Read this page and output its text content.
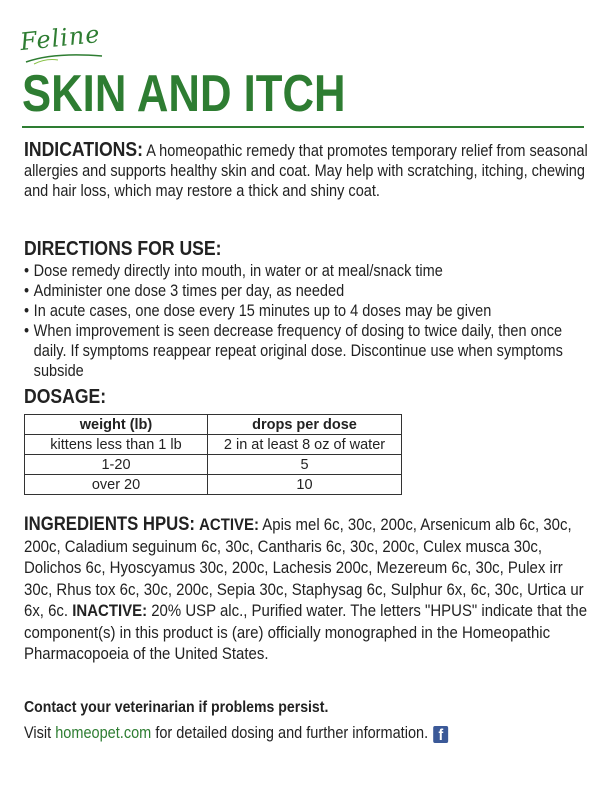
Feline
SKIN AND ITCH

INDICATIONS: A homeopathic remedy that promotes temporary relief from seasonal allergies and supports healthy skin and coat. May help with scratching, itching, chewing and hair loss, which may restore a thick and shiny coat.

DIRECTIONS FOR USE:
• Dose remedy directly into mouth, in water or at meal/snack time
• Administer one dose 3 times per day, as needed
• In acute cases, one dose every 15 minutes up to 4 doses may be given
• When improvement is seen decrease frequency of dosing to twice daily, then once daily. If symptoms reappear repeat original dose. Discontinue use when symptoms subside
DOSAGE:
weight (lb)	drops per dose
kittens less than 1 lb	2 in at least 8 oz of water
1-20	5
over 20	10

INGREDIENTS HPUS: ACTIVE: Apis mel 6c, 30c, 200c, Arsenicum alb 6c, 30c, 200c, Caladium seguinum 6c, 30c, Cantharis 6c, 30c, 200c, Culex musca 30c, Dolichos 6c, Hyoscyamus 30c, 200c, Lachesis 200c, Mezereum 6c, 30c, Pulex irr 30c, Rhus tox 6c, 30c, 200c, Sepia 30c, Staphysag 6c, Sulphur 6x, 6c, 30c, Urtica ur 6x, 6c. INACTIVE: 20% USP alc., Purified water. The letters "HPUS" indicate that the component(s) in this product is (are) officially monographed in the Homeopathic Pharmacopoeia of the United States.

Contact your veterinarian if problems persist.
Visit homeopet.com for detailed dosing and further information. f
